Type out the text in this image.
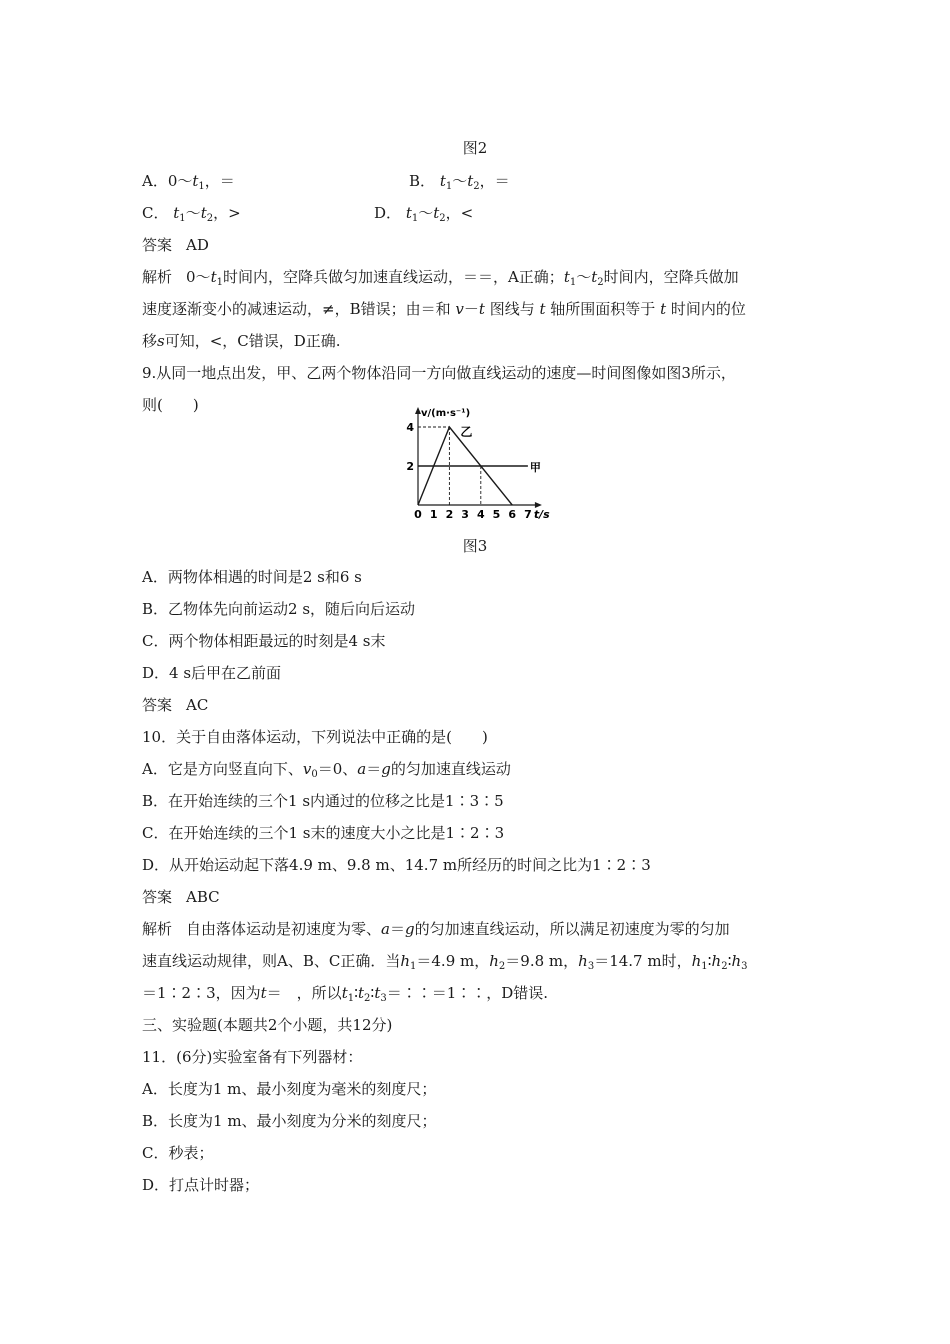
图2
A．$0\sim t_1$，＝	B． $t_1\sim t_2$，＝
C． $t_1\sim t_2$，>	D． $t_1\sim t_2$，<
答案 AD
解析 $0\sim t_1$时间内，空降兵做匀加速直线运动，＝＝，A正确；$t_1\sim t_2$时间内，空降兵做加
速度逐渐变小的减速运动，≠，B错误；由＝和 v－t 图线与 t 轴所围面积等于 t 时间内的位
移s可知，<，C错误，D正确.
9.从同一地点出发，甲、乙两个物体沿同一方向做直线运动的速度—时间图像如图3所示，
则(　　)
甲
乙
0 1 2 3 4 5 6 7
2
4
v/(m·s⁻¹)
t/s
图3
A．两物体相遇的时间是2 s和6 s
B．乙物体先向前运动2 s，随后向后运动
C．两个物体相距最远的时刻是4 s末
D．4 s后甲在乙前面
答案 AC
10．关于自由落体运动，下列说法中正确的是(　　)
A．它是方向竖直向下、$v_0=0$、a＝g的匀加速直线运动
B．在开始连续的三个1 s内通过的位移之比是1∶3∶5
C．在开始连续的三个1 s末的速度大小之比是1∶2∶3
D．从开始运动起下落4.9 m、9.8 m、14.7 m所经历的时间之比为1∶2∶3
答案 ABC
解析 自由落体运动是初速度为零、a＝g的匀加速直线运动，所以满足初速度为零的匀加
速直线运动规律，则A、B、C正确．当$h_1=4.9$ m，$h_2=9.8$ m，$h_3=14.7$ m时，$h_1∶h_2∶h_3$
＝1∶2∶3，因为t＝　，所以$t_1∶t_2∶t_3=∶∶=1∶∶$，D错误.
三、实验题(本题共2个小题，共12分)
11．(6分)实验室备有下列器材：
A．长度为1 m、最小刻度为毫米的刻度尺；
B．长度为1 m、最小刻度为分米的刻度尺；
C．秒表；
D．打点计时器；
